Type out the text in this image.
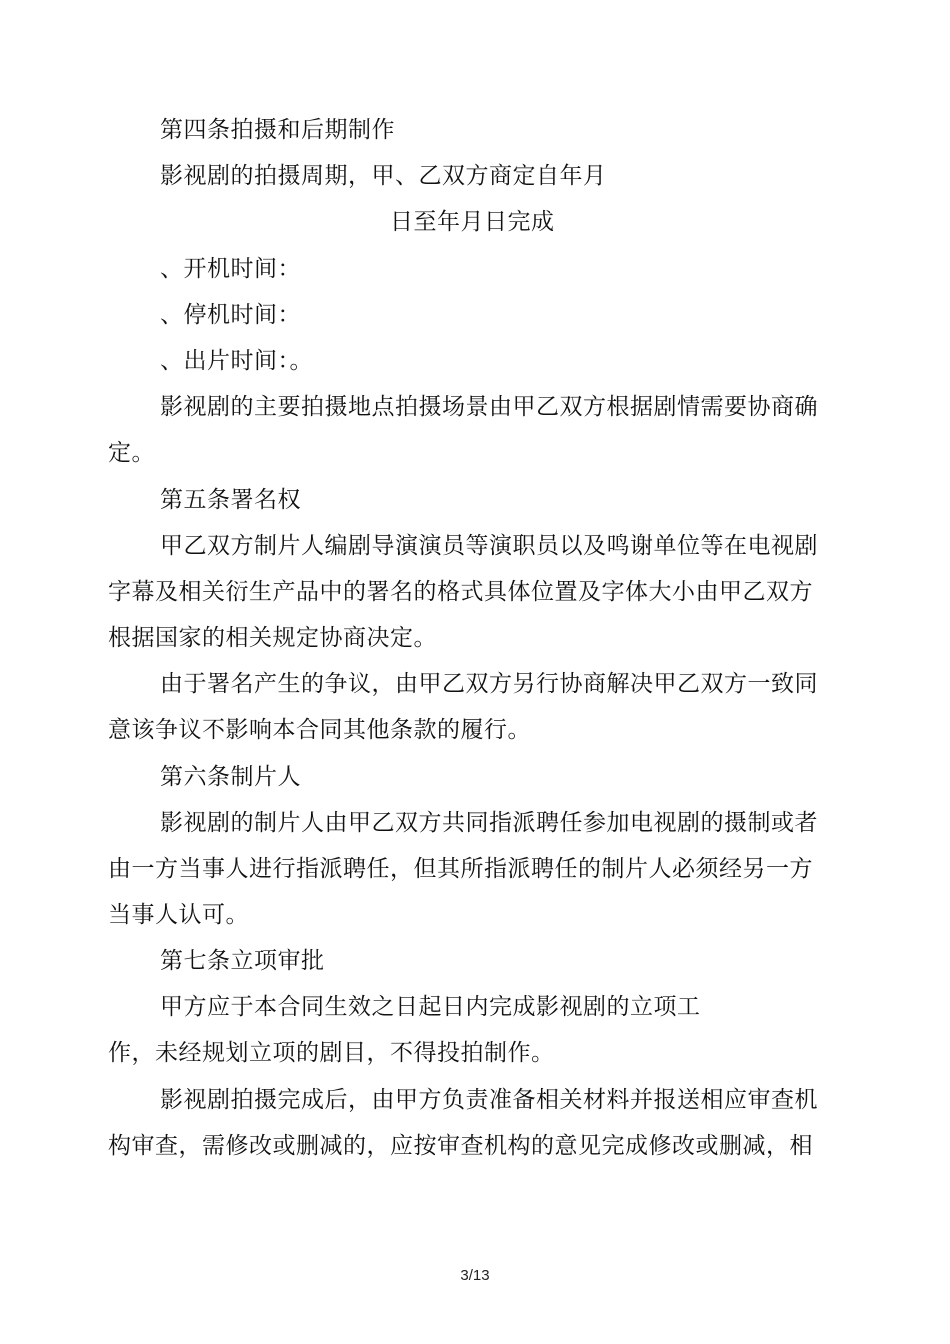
第四条拍摄和后期制作
影视剧的拍摄周期，甲、乙双方商定自年月
日至年月日完成
、开机时间：
、停机时间：
、出片时间：。
影视剧的主要拍摄地点拍摄场景由甲乙双方根据剧情需要协商确
定。
第五条署名权
甲乙双方制片人编剧导演演员等演职员以及鸣谢单位等在电视剧
字幕及相关衍生产品中的署名的格式具体位置及字体大小由甲乙双方
根据国家的相关规定协商决定。
由于署名产生的争议，由甲乙双方另行协商解决甲乙双方一致同
意该争议不影响本合同其他条款的履行。
第六条制片人
影视剧的制片人由甲乙双方共同指派聘任参加电视剧的摄制或者
由一方当事人进行指派聘任，但其所指派聘任的制片人必须经另一方
当事人认可。
第七条立项审批
甲方应于本合同生效之日起日内完成影视剧的立项工
作，未经规划立项的剧目，不得投拍制作。
影视剧拍摄完成后，由甲方负责准备相关材料并报送相应审查机
构审查，需修改或删减的，应按审查机构的意见完成修改或删减，相
3/13
